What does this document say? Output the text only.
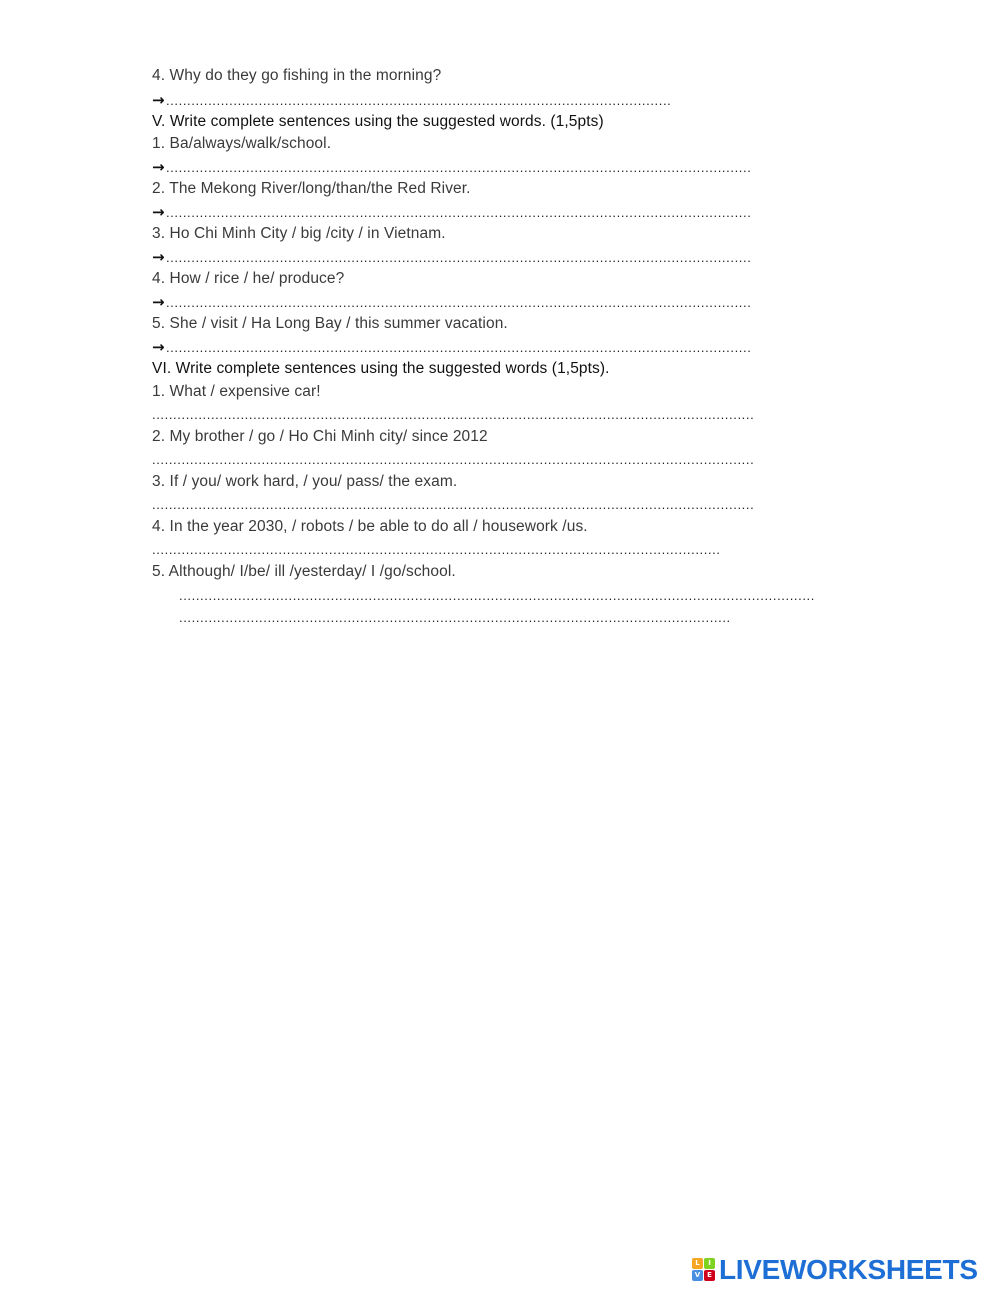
4. Why do they go fishing in the morning?
→........................................................................................................................
V. Write complete sentences using the suggested words. (1,5pts)
1. Ba/always/walk/school.
→...........................................................................................................................................
2. The Mekong River/long/than/the Red River.
→...........................................................................................................................................
3. Ho Chi Minh City / big /city / in Vietnam.
→...........................................................................................................................................
4. How / rice / he/ produce?
→...........................................................................................................................................
5. She / visit / Ha Long Bay / this summer vacation.
→...........................................................................................................................................
VI. Write complete sentences using the suggested words (1,5pts).
1. What / expensive car!
...............................................................................................................................................
2. My brother / go / Ho Chi Minh city/ since 2012
...............................................................................................................................................
3. If / you/ work hard, / you/ pass/ the exam.
...............................................................................................................................................
4. In the year 2030, / robots / be able to do all / housework /us.
.......................................................................................................................................
5. Although/ I/be/ ill /yesterday/ I /go/school.
.......................................................................................................................................................
...................................................................................................................................
L	I
V E LIVEWORKSHEETS
